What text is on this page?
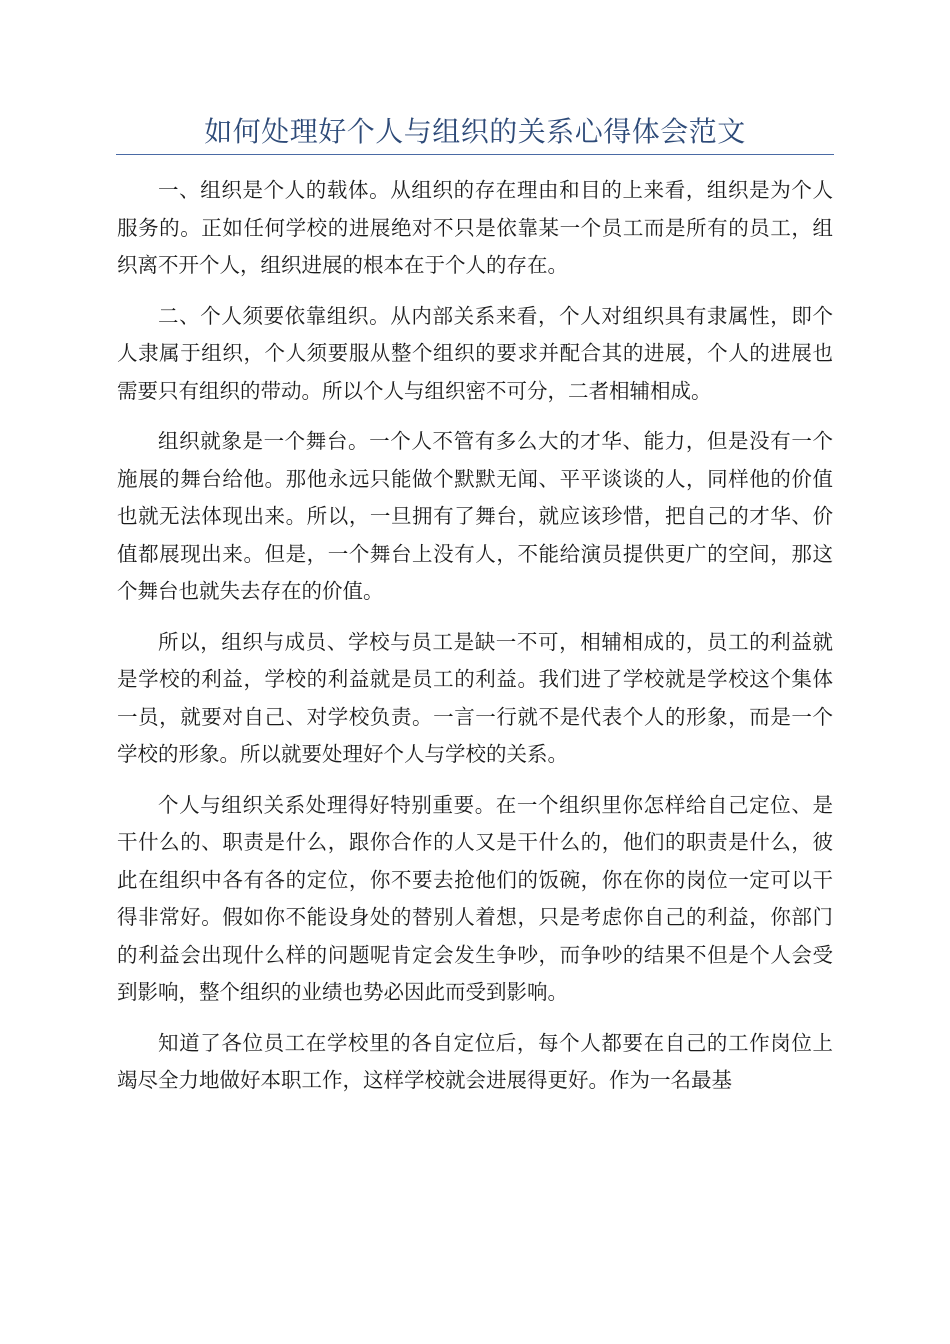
如何处理好个人与组织的关系心得体会范文

一、组织是个人的载体。从组织的存在理由和目的上来看，组织是为个人服务的。正如任何学校的进展绝对不只是依靠某一个员工而是所有的员工，组织离不开个人，组织进展的根本在于个人的存在。

二、个人须要依靠组织。从内部关系来看，个人对组织具有隶属性，即个人隶属于组织，个人须要服从整个组织的要求并配合其的进展，个人的进展也需要只有组织的带动。所以个人与组织密不可分，二者相辅相成。

组织就象是一个舞台。一个人不管有多么大的才华、能力，但是没有一个施展的舞台给他。那他永远只能做个默默无闻、平平谈谈的人，同样他的价值也就无法体现出来。所以，一旦拥有了舞台，就应该珍惜，把自己的才华、价值都展现出来。但是，一个舞台上没有人，不能给演员提供更广的空间，那这个舞台也就失去存在的价值。

所以，组织与成员、学校与员工是缺一不可，相辅相成的，员工的利益就是学校的利益，学校的利益就是员工的利益。我们进了学校就是学校这个集体一员，就要对自己、对学校负责。一言一行就不是代表个人的形象，而是一个学校的形象。所以就要处理好个人与学校的关系。

个人与组织关系处理得好特别重要。在一个组织里你怎样给自己定位、是干什么的、职责是什么，跟你合作的人又是干什么的，他们的职责是什么，彼此在组织中各有各的定位，你不要去抢他们的饭碗，你在你的岗位一定可以干得非常好。假如你不能设身处的替别人着想，只是考虑你自己的利益，你部门的利益会出现什么样的问题呢肯定会发生争吵，而争吵的结果不但是个人会受到影响，整个组织的业绩也势必因此而受到影响。

知道了各位员工在学校里的各自定位后，每个人都要在自己的工作岗位上竭尽全力地做好本职工作，这样学校就会进展得更好。作为一名最基
